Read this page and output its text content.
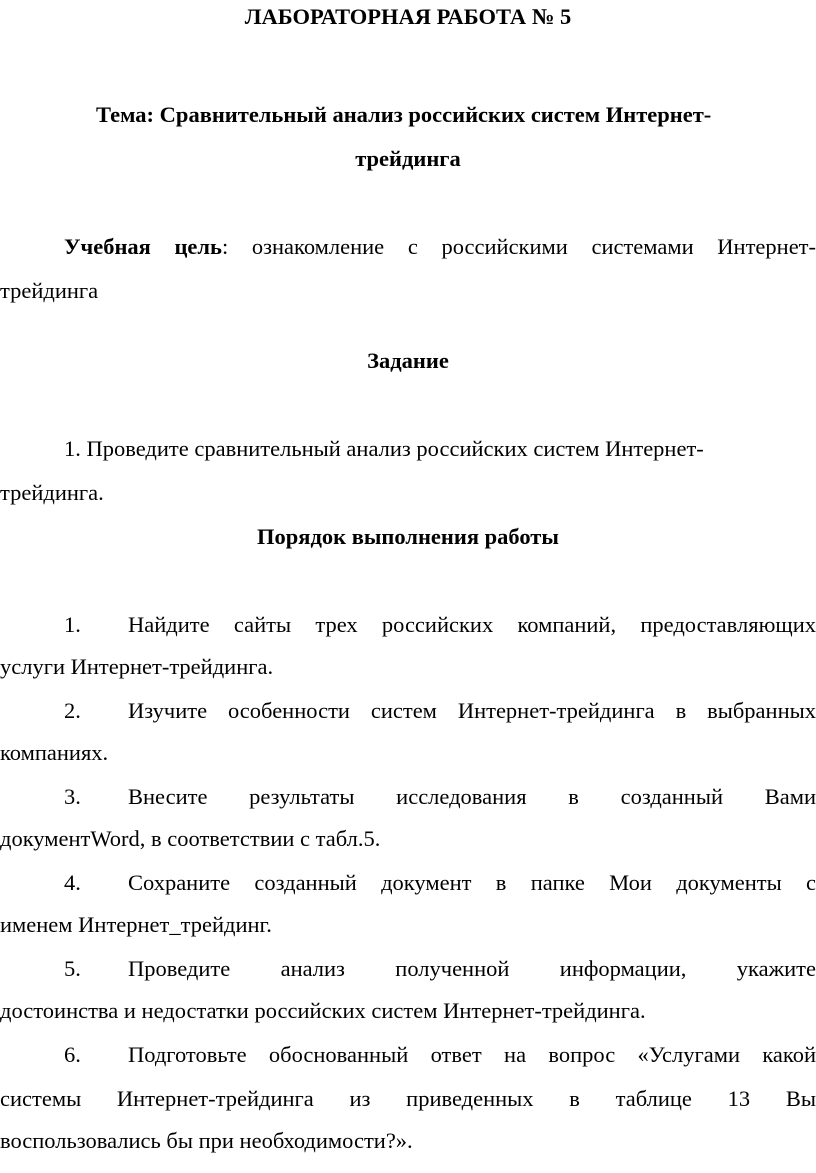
ЛАБОРАТОРНАЯ РАБОТА № 5
Тема: Сравнительный анализ российских систем Интернет-
трейдинга
Учебная цель: ознакомление с российскими системами Интернет-
трейдинга
Задание
1. Проведите сравнительный анализ российских систем Интернет-
трейдинга.
Порядок выполнения работы
1. Найдите сайты трех российских компаний, предоставляющих
услуги Интернет-трейдинга.
2. Изучите особенности систем Интернет-трейдинга в выбранных
компаниях.
3. Внесите результаты исследования в созданный Вами
документWord, в соответствии с табл.5.
4. Сохраните созданный документ в папке Мои документы с
именем Интернет_трейдинг.
5. Проведите анализ полученной информации, укажите
достоинства и недостатки российских систем Интернет-трейдинга.
6. Подготовьте обоснованный ответ на вопрос «Услугами какой
системы Интернет-трейдинга из приведенных в таблице 13 Вы
воспользовались бы при необходимости?».
